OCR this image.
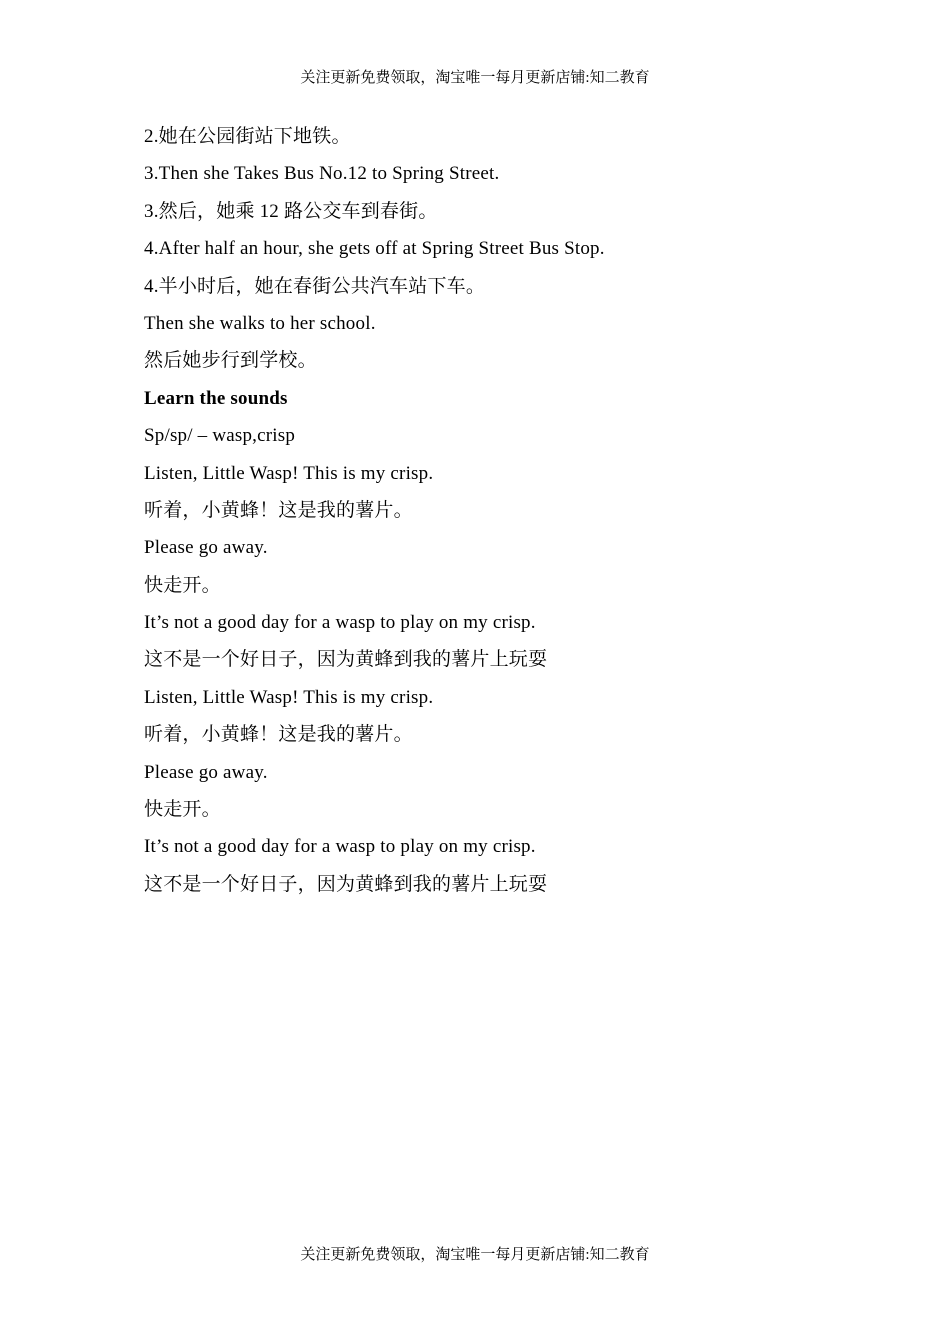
关注更新免费领取，淘宝唯一每月更新店铺:知二教育
2.她在公园街站下地铁。
3.Then she Takes Bus No.12 to Spring Street.
3.然后，她乘 12 路公交车到春街。
4.After half an hour, she gets off at Spring Street Bus Stop.
4.半小时后，她在春街公共汽车站下车。
Then she walks to her school.
然后她步行到学校。
Learn the sounds
Sp/sp/ – wasp,crisp
Listen, Little Wasp! This is my crisp.
听着，小黄蜂！这是我的薯片。
Please go away.
快走开。
It’s not a good day for a wasp to play on my crisp.
这不是一个好日子，因为黄蜂到我的薯片上玩耍
Listen, Little Wasp! This is my crisp.
听着，小黄蜂！这是我的薯片。
Please go away.
快走开。
It’s not a good day for a wasp to play on my crisp.
这不是一个好日子，因为黄蜂到我的薯片上玩耍
关注更新免费领取，淘宝唯一每月更新店铺:知二教育
